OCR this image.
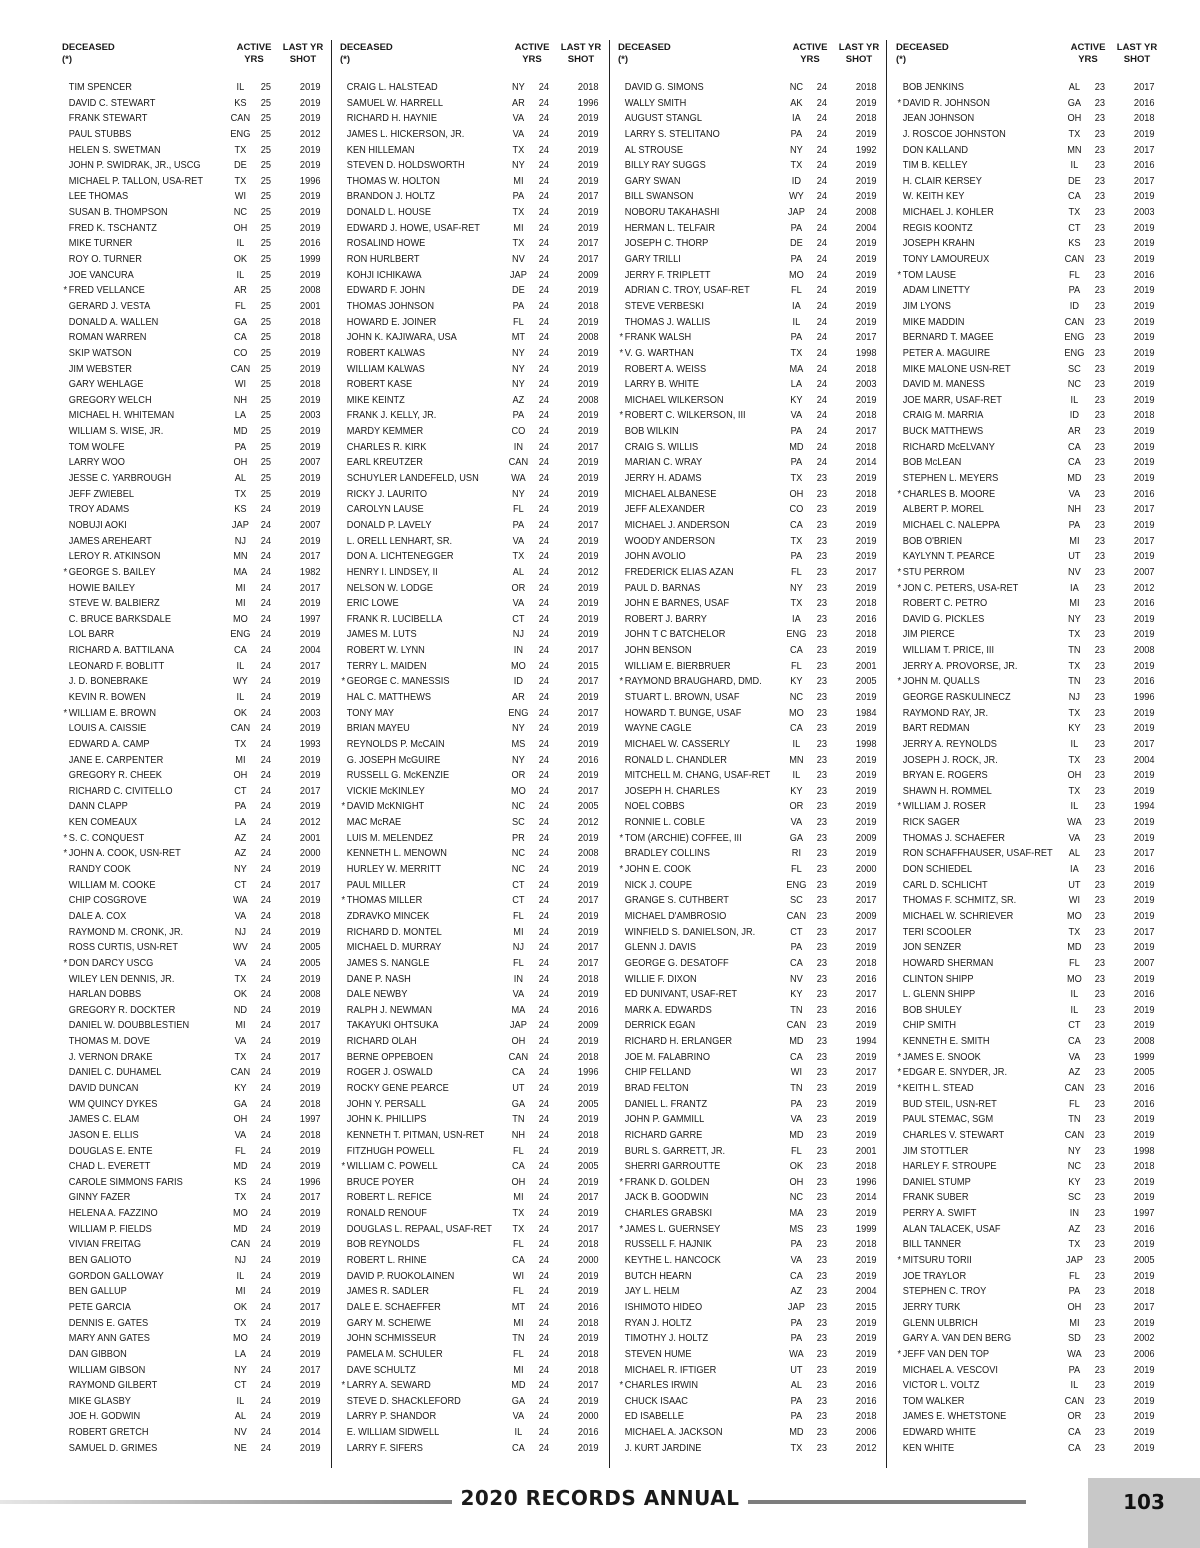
DECEASED
(*)
ACTIVE
YRS
LAST YR
SHOT
TIM SPENCER	IL	25	2019
DAVID C. STEWART	KS	25	2019
FRANK STEWART	CAN	25	2019
PAUL STUBBS	ENG 25	2012
HELEN S. SWETMAN	TX	25	2019
JOHN P. SWIDRAK, JR., USCG	DE	25	2019
MICHAEL P. TALLON, USA-RET	TX	25	1996
LEE THOMAS	WI	25	2019
SUSAN B. THOMPSON	NC	25	2019
FRED K. TSCHANTZ	OH	25	2019
MIKE TURNER	IL	25	2016
ROY O. TURNER	OK	25	1999
JOE VANCURA	IL	25	2019
* FRED VELLANCE	AR	25	2008
GERARD J. VESTA	FL	25	2001
DONALD A. WALLEN	GA	25	2018
ROMAN WARREN	CA	25	2018
SKIP WATSON	CO	25	2019
JIM WEBSTER	CAN	25	2019
GARY WEHLAGE	WI	25	2018
GREGORY WELCH	NH	25	2019
MICHAEL H. WHITEMAN	LA	25	2003
WILLIAM S. WISE, JR.	MD	25	2019
TOM WOLFE	PA	25	2019
LARRY WOO	OH	25	2007
JESSE C. YARBROUGH	AL	25	2019
JEFF ZWIEBEL	TX	25	2019
TROY ADAMS	KS	24	2019
NOBUJI AOKI	JAP	24	2007
JAMES AREHEART	NJ	24	2019
LEROY R. ATKINSON	MN	24	2017
* GEORGE S. BAILEY	MA	24	1982
HOWIE BAILEY	MI	24	2017
STEVE W. BALBIERZ	MI	24	2019
C. BRUCE BARKSDALE	MO	24	1997
LOL BARR	ENG 24	2019
RICHARD A. BATTILANA	CA	24	2004
LEONARD F. BOBLITT	IL	24	2017
J. D. BONEBRAKE	WY	24	2019
KEVIN R. BOWEN	IL	24	2019
* WILLIAM E. BROWN	OK	24	2003
LOUIS A. CAISSIE	CAN	24	2019
EDWARD A. CAMP	TX	24	1993
JANE E. CARPENTER	MI	24	2019
GREGORY R. CHEEK	OH	24	2019
RICHARD C. CIVITELLO	CT	24	2017
DANN CLAPP	PA	24	2019
KEN COMEAUX	LA	24	2012
* S. C. CONQUEST	AZ	24	2001
* JOHN A. COOK, USN-RET	AZ	24	2000
RANDY COOK	NY	24	2019
WILLIAM M. COOKE	CT	24	2017
CHIP COSGROVE	WA	24	2019
DALE A. COX	VA	24	2018
RAYMOND M. CRONK, JR.	NJ	24	2019
ROSS CURTIS, USN-RET	WV	24	2005
* DON DARCY USCG	VA	24	2005
WILEY LEN DENNIS, JR.	TX	24	2019
HARLAN DOBBS	OK	24	2008
GREGORY R. DOCKTER	ND	24	2019
DANIEL W. DOUBBLESTIEN	MI	24	2017
THOMAS M. DOVE	VA	24	2019
J. VERNON DRAKE	TX	24	2017
DANIEL C. DUHAMEL	CAN	24	2019
DAVID DUNCAN	KY	24	2019
WM QUINCY DYKES	GA	24	2018
JAMES C. ELAM	OH	24	1997
JASON E. ELLIS	VA	24	2018
DOUGLAS E. ENTE	FL	24	2019
CHAD L. EVERETT	MD	24	2019
CAROLE SIMMONS FARIS	KS	24	1996
GINNY FAZER	TX	24	2017
HELENA A. FAZZINO	MO	24	2019
WILLIAM P. FIELDS	MD	24	2019
VIVIAN FREITAG	CAN	24	2019
BEN GALIOTO	NJ	24	2019
GORDON GALLOWAY	IL	24	2019
BEN GALLUP	MI	24	2019
PETE GARCIA	OK	24	2017
DENNIS E. GATES	TX	24	2019
MARY ANN GATES	MO	24	2019
DAN GIBBON	LA	24	2019
WILLIAM GIBSON	NY	24	2017
RAYMOND GILBERT	CT	24	2019
MIKE GLASBY	IL	24	2019
JOE H. GODWIN	AL	24	2019
ROBERT GRETCH	NV	24	2014
SAMUEL D. GRIMES	NE	24	2019
DECEASED
(*)
ACTIVE
YRS
LAST YR
SHOT
CRAIG L. HALSTEAD	NY	24	2018
SAMUEL W. HARRELL	AR	24	1996
RICHARD H. HAYNIE	VA	24	2019
JAMES L. HICKERSON, JR.	VA	24	2019
KEN HILLEMAN	TX	24	2019
STEVEN D. HOLDSWORTH	NY	24	2019
THOMAS W. HOLTON	MI	24	2019
BRANDON J. HOLTZ	PA	24	2017
DONALD L. HOUSE	TX	24	2019
EDWARD J. HOWE, USAF-RET	MI	24	2019
ROSALIND HOWE	TX	24	2017
RON HURLBERT	NV	24	2017
KOHJI ICHIKAWA	JAP	24	2009
EDWARD F. JOHN	DE	24	2019
THOMAS JOHNSON	PA	24	2018
HOWARD E. JOINER	FL	24	2019
JOHN K. KAJIWARA, USA	MT	24	2008
ROBERT KALWAS	NY	24	2019
WILLIAM KALWAS	NY	24	2019
ROBERT KASE	NY	24	2019
MIKE KEINTZ	AZ	24	2008
FRANK J. KELLY, JR.	PA	24	2019
MARDY KEMMER	CO	24	2019
CHARLES R. KIRK	IN	24	2017
EARL KREUTZER	CAN	24	2019
SCHUYLER LANDEFELD, USN	WA	24	2019
RICKY J. LAURITO	NY	24	2019
CAROLYN LAUSE	FL	24	2019
DONALD P. LAVELY	PA	24	2017
L. ORELL LENHART, SR.	VA	24	2019
DON A. LICHTENEGGER	TX	24	2019
HENRY I. LINDSEY, II	AL	24	2012
NELSON W. LODGE	OR	24	2019
ERIC LOWE	VA	24	2019
FRANK R. LUCIBELLA	CT	24	2019
JAMES M. LUTS	NJ	24	2019
ROBERT W. LYNN	IN	24	2017
TERRY L. MAIDEN	MO	24	2015
* GEORGE C. MANESSIS	ID	24	2017
HAL C. MATTHEWS	AR	24	2019
TONY MAY	ENG 24	2017
BRIAN MAYEU	NY	24	2019
REYNOLDS P. McCAIN	MS	24	2019
G. JOSEPH McGUIRE	NY	24	2016
RUSSELL G. McKENZIE	OR	24	2019
VICKIE McKINLEY	MO	24	2017
* DAVID McKNIGHT	NC	24	2005
MAC McRAE	SC	24	2012
LUIS M. MELENDEZ	PR	24	2019
KENNETH L. MENOWN	NC	24	2008
HURLEY W. MERRITT	NC	24	2019
PAUL MILLER	CT	24	2019
* THOMAS MILLER	CT	24	2017
ZDRAVKO MINCEK	FL	24	2019
RICHARD D. MONTEL	MI	24	2019
MICHAEL D. MURRAY	NJ	24	2017
JAMES S. NANGLE	FL	24	2017
DANE P. NASH	IN	24	2018
DALE NEWBY	VA	24	2019
RALPH J. NEWMAN	MA	24	2016
TAKAYUKI OHTSUKA	JAP	24	2009
RICHARD OLAH	OH	24	2019
BERNE OPPEBOEN	CAN	24	2018
ROGER J. OSWALD	CA	24	1996
ROCKY GENE PEARCE	UT	24	2019
JOHN Y. PERSALL	GA	24	2005
JOHN K. PHILLIPS	TN	24	2019
KENNETH T. PITMAN, USN-RET	NH	24	2018
FITZHUGH POWELL	FL	24	2019
* WILLIAM C. POWELL	CA	24	2005
BRUCE POYER	OH	24	2019
ROBERT L. REFICE	MI	24	2017
RONALD RENOUF	TX	24	2019
DOUGLAS L. REPAAL, USAF-RET	TX	24	2017
BOB REYNOLDS	FL	24	2018
ROBERT L. RHINE	CA	24	2000
DAVID P. RUOKOLAINEN	WI	24	2019
JAMES R. SADLER	FL	24	2019
DALE E. SCHAEFFER	MT	24	2016
GARY M. SCHEIWE	MI	24	2018
JOHN SCHMISSEUR	TN	24	2019
PAMELA M. SCHULER	FL	24	2018
DAVE SCHULTZ	MI	24	2018
* LARRY A. SEWARD	MD	24	2017
STEVE D. SHACKLEFORD	GA	24	2019
LARRY P. SHANDOR	VA	24	2000
E. WILLIAM SIDWELL	IL	24	2016
LARRY F. SIFERS	CA	24	2019
DECEASED
(*)
ACTIVE
YRS
LAST YR
SHOT
DAVID G. SIMONS	NC	24	2018
WALLY SMITH	AK	24	2019
AUGUST STANGL	IA	24	2018
LARRY S. STELITANO	PA	24	2019
AL STROUSE	NY	24	1992
BILLY RAY SUGGS	TX	24	2019
GARY SWAN	ID	24	2019
BILL SWANSON	WY	24	2019
NOBORU TAKAHASHI	JAP	24	2008
HERMAN L. TELFAIR	PA	24	2004
JOSEPH C. THORP	DE	24	2019
GARY TRILLI	PA	24	2019
JERRY F. TRIPLETT	MO	24	2019
ADRIAN C. TROY, USAF-RET	FL	24	2019
STEVE VERBESKI	IA	24	2019
THOMAS J. WALLIS	IL	24	2019
* FRANK WALSH	PA	24	2017
* V. G. WARTHAN	TX	24	1998
ROBERT A. WEISS	MA	24	2018
LARRY B. WHITE	LA	24	2003
MICHAEL WILKERSON	KY	24	2019
* ROBERT C. WILKERSON, III	VA	24	2018
BOB WILKIN	PA	24	2017
CRAIG S. WILLIS	MD	24	2018
MARIAN C. WRAY	PA	24	2014
JERRY H. ADAMS	TX	23	2019
MICHAEL ALBANESE	OH	23	2018
JEFF ALEXANDER	CO	23	2019
MICHAEL J. ANDERSON	CA	23	2019
WOODY ANDERSON	TX	23	2019
JOHN AVOLIO	PA	23	2019
FREDERICK ELIAS AZAN	FL	23	2017
PAUL D. BARNAS	NY	23	2019
JOHN E BARNES, USAF	TX	23	2018
ROBERT J. BARRY	IA	23	2016
JOHN T C BATCHELOR	ENG 23	2018
JOHN BENSON	CA	23	2019
WILLIAM E. BIERBRUER	FL	23	2001
* RAYMOND BRAUGHARD, DMD.	KY	23	2005
STUART L. BROWN, USAF	NC	23	2019
HOWARD T. BUNGE, USAF	MO	23	1984
WAYNE CAGLE	CA	23	2019
MICHAEL W. CASSERLY	IL	23	1998
RONALD L. CHANDLER	MN	23	2019
MITCHELL M. CHANG, USAF-RET	IL	23	2019
JOSEPH H. CHARLES	KY	23	2019
NOEL COBBS	OR	23	2019
RONNIE L. COBLE	VA	23	2019
* TOM (ARCHIE) COFFEE, III	GA	23	2009
BRADLEY COLLINS	RI	23	2019
* JOHN E. COOK	FL	23	2000
NICK J. COUPE	ENG 23	2019
GRANGE S. CUTHBERT	SC	23	2017
MICHAEL D'AMBROSIO	CAN	23	2009
WINFIELD S. DANIELSON, JR.	CT	23	2017
GLENN J. DAVIS	PA	23	2019
GEORGE G. DESATOFF	CA	23	2018
WILLIE F. DIXON	NV	23	2016
ED DUNIVANT, USAF-RET	KY	23	2017
MARK A. EDWARDS	TN	23	2016
DERRICK EGAN	CAN	23	2019
RICHARD H. ERLANGER	MD	23	1994
JOE M. FALABRINO	CA	23	2019
CHIP FELLAND	WI	23	2017
BRAD FELTON	TN	23	2019
DANIEL L. FRANTZ	PA	23	2019
JOHN P. GAMMILL	VA	23	2019
RICHARD GARRE	MD	23	2019
BURL S. GARRETT, JR.	FL	23	2001
SHERRI GARROUTTE	OK	23	2018
* FRANK D. GOLDEN	OH	23	1996
JACK B. GOODWIN	NC	23	2014
CHARLES GRABSKI	MA	23	2019
* JAMES L. GUERNSEY	MS	23	1999
RUSSELL F. HAJNIK	PA	23	2018
KEYTHE L. HANCOCK	VA	23	2019
BUTCH HEARN	CA	23	2019
JAY L. HELM	AZ	23	2004
ISHIMOTO HIDEO	JAP	23	2015
RYAN J. HOLTZ	PA	23	2019
TIMOTHY J. HOLTZ	PA	23	2019
STEVEN HUME	WA	23	2019
MICHAEL R. IFTIGER	UT	23	2019
* CHARLES IRWIN	AL	23	2016
CHUCK ISAAC	PA	23	2016
ED ISABELLE	PA	23	2018
MICHAEL A. JACKSON	MD	23	2006
J. KURT JARDINE	TX	23	2012
DECEASED
(*)
ACTIVE
YRS
LAST YR
SHOT
BOB JENKINS	AL	23	2017
* DAVID R. JOHNSON	GA	23	2016
JEAN JOHNSON	OH	23	2018
J. ROSCOE JOHNSTON	TX	23	2019
DON KALLAND	MN	23	2017
TIM B. KELLEY	IL	23	2016
H. CLAIR KERSEY	DE	23	2017
W. KEITH KEY	CA	23	2019
MICHAEL J. KOHLER	TX	23	2003
REGIS KOONTZ	CT	23	2019
JOSEPH KRAHN	KS	23	2019
TONY LAMOUREUX	CAN	23	2019
* TOM LAUSE	FL	23	2016
ADAM LINETTY	PA	23	2019
JIM LYONS	ID	23	2019
MIKE MADDIN	CAN	23	2019
BERNARD T. MAGEE	ENG 23	2019
PETER A. MAGUIRE	ENG 23	2019
MIKE MALONE USN-RET	SC	23	2019
DAVID M. MANESS	NC	23	2019
JOE MARR, USAF-RET	IL	23	2019
CRAIG M. MARRIA	ID	23	2018
BUCK MATTHEWS	AR	23	2019
RICHARD McELVANY	CA	23	2019
BOB McLEAN	CA	23	2019
STEPHEN L. MEYERS	MD	23	2019
* CHARLES B. MOORE	VA	23	2016
ALBERT P. MOREL	NH	23	2017
MICHAEL C. NALEPPA	PA	23	2019
BOB O'BRIEN	MI	23	2017
KAYLYNN T. PEARCE	UT	23	2019
* STU PERROM	NV	23	2007
* JON C. PETERS, USA-RET	IA	23	2012
ROBERT C. PETRO	MI	23	2016
DAVID G. PICKLES	NY	23	2019
JIM PIERCE	TX	23	2019
WILLIAM T. PRICE, III	TN	23	2008
JERRY A. PROVORSE, JR.	TX	23	2019
* JOHN M. QUALLS	TN	23	2016
GEORGE RASKULINECZ	NJ	23	1996
RAYMOND RAY, JR.	TX	23	2019
BART REDMAN	KY	23	2019
JERRY A. REYNOLDS	IL	23	2017
JOSEPH J. ROCK, JR.	TX	23	2004
BRYAN E. ROGERS	OH	23	2019
SHAWN H. ROMMEL	TX	23	2019
* WILLIAM J. ROSER	IL	23	1994
RICK SAGER	WA	23	2019
THOMAS J. SCHAEFER	VA	23	2019
RON SCHAFFHAUSER, USAF-RET	AL	23	2017
DON SCHIEDEL	IA	23	2016
CARL D. SCHLICHT	UT	23	2019
THOMAS F. SCHMITZ, SR.	WI	23	2019
MICHAEL W. SCHRIEVER	MO	23	2019
TERI SCOOLER	TX	23	2017
JON SENZER	MD	23	2019
HOWARD SHERMAN	FL	23	2007
CLINTON SHIPP	MO	23	2019
L. GLENN SHIPP	IL	23	2016
BOB SHULEY	IL	23	2019
CHIP SMITH	CT	23	2019
KENNETH E. SMITH	CA	23	2008
* JAMES E. SNOOK	VA	23	1999
* EDGAR E. SNYDER, JR.	AZ	23	2005
* KEITH L. STEAD	CAN	23	2016
BUD STEIL, USN-RET	FL	23	2016
PAUL STEMAC, SGM	TN	23	2019
CHARLES V. STEWART	CAN	23	2019
JIM STOTTLER	NY	23	1998
HARLEY F. STROUPE	NC	23	2018
DANIEL STUMP	KY	23	2019
FRANK SUBER	SC	23	2019
PERRY A. SWIFT	IN	23	1997
ALAN TALACEK, USAF	AZ	23	2016
BILL TANNER	TX	23	2019
* MITSURU TORII	JAP	23	2005
JOE TRAYLOR	FL	23	2019
STEPHEN C. TROY	PA	23	2018
JERRY TURK	OH	23	2017
GLENN ULBRICH	MI	23	2019
GARY A. VAN DEN BERG	SD	23	2002
* JEFF VAN DEN TOP	WA	23	2006
MICHAEL A. VESCOVI	PA	23	2019
VICTOR L. VOLTZ	IL	23	2019
TOM WALKER	CAN	23	2019
JAMES E. WHETSTONE	OR	23	2019
EDWARD WHITE	CA	23	2019
KEN WHITE	CA	23	2019
2020 RECORDS ANNUAL	103
